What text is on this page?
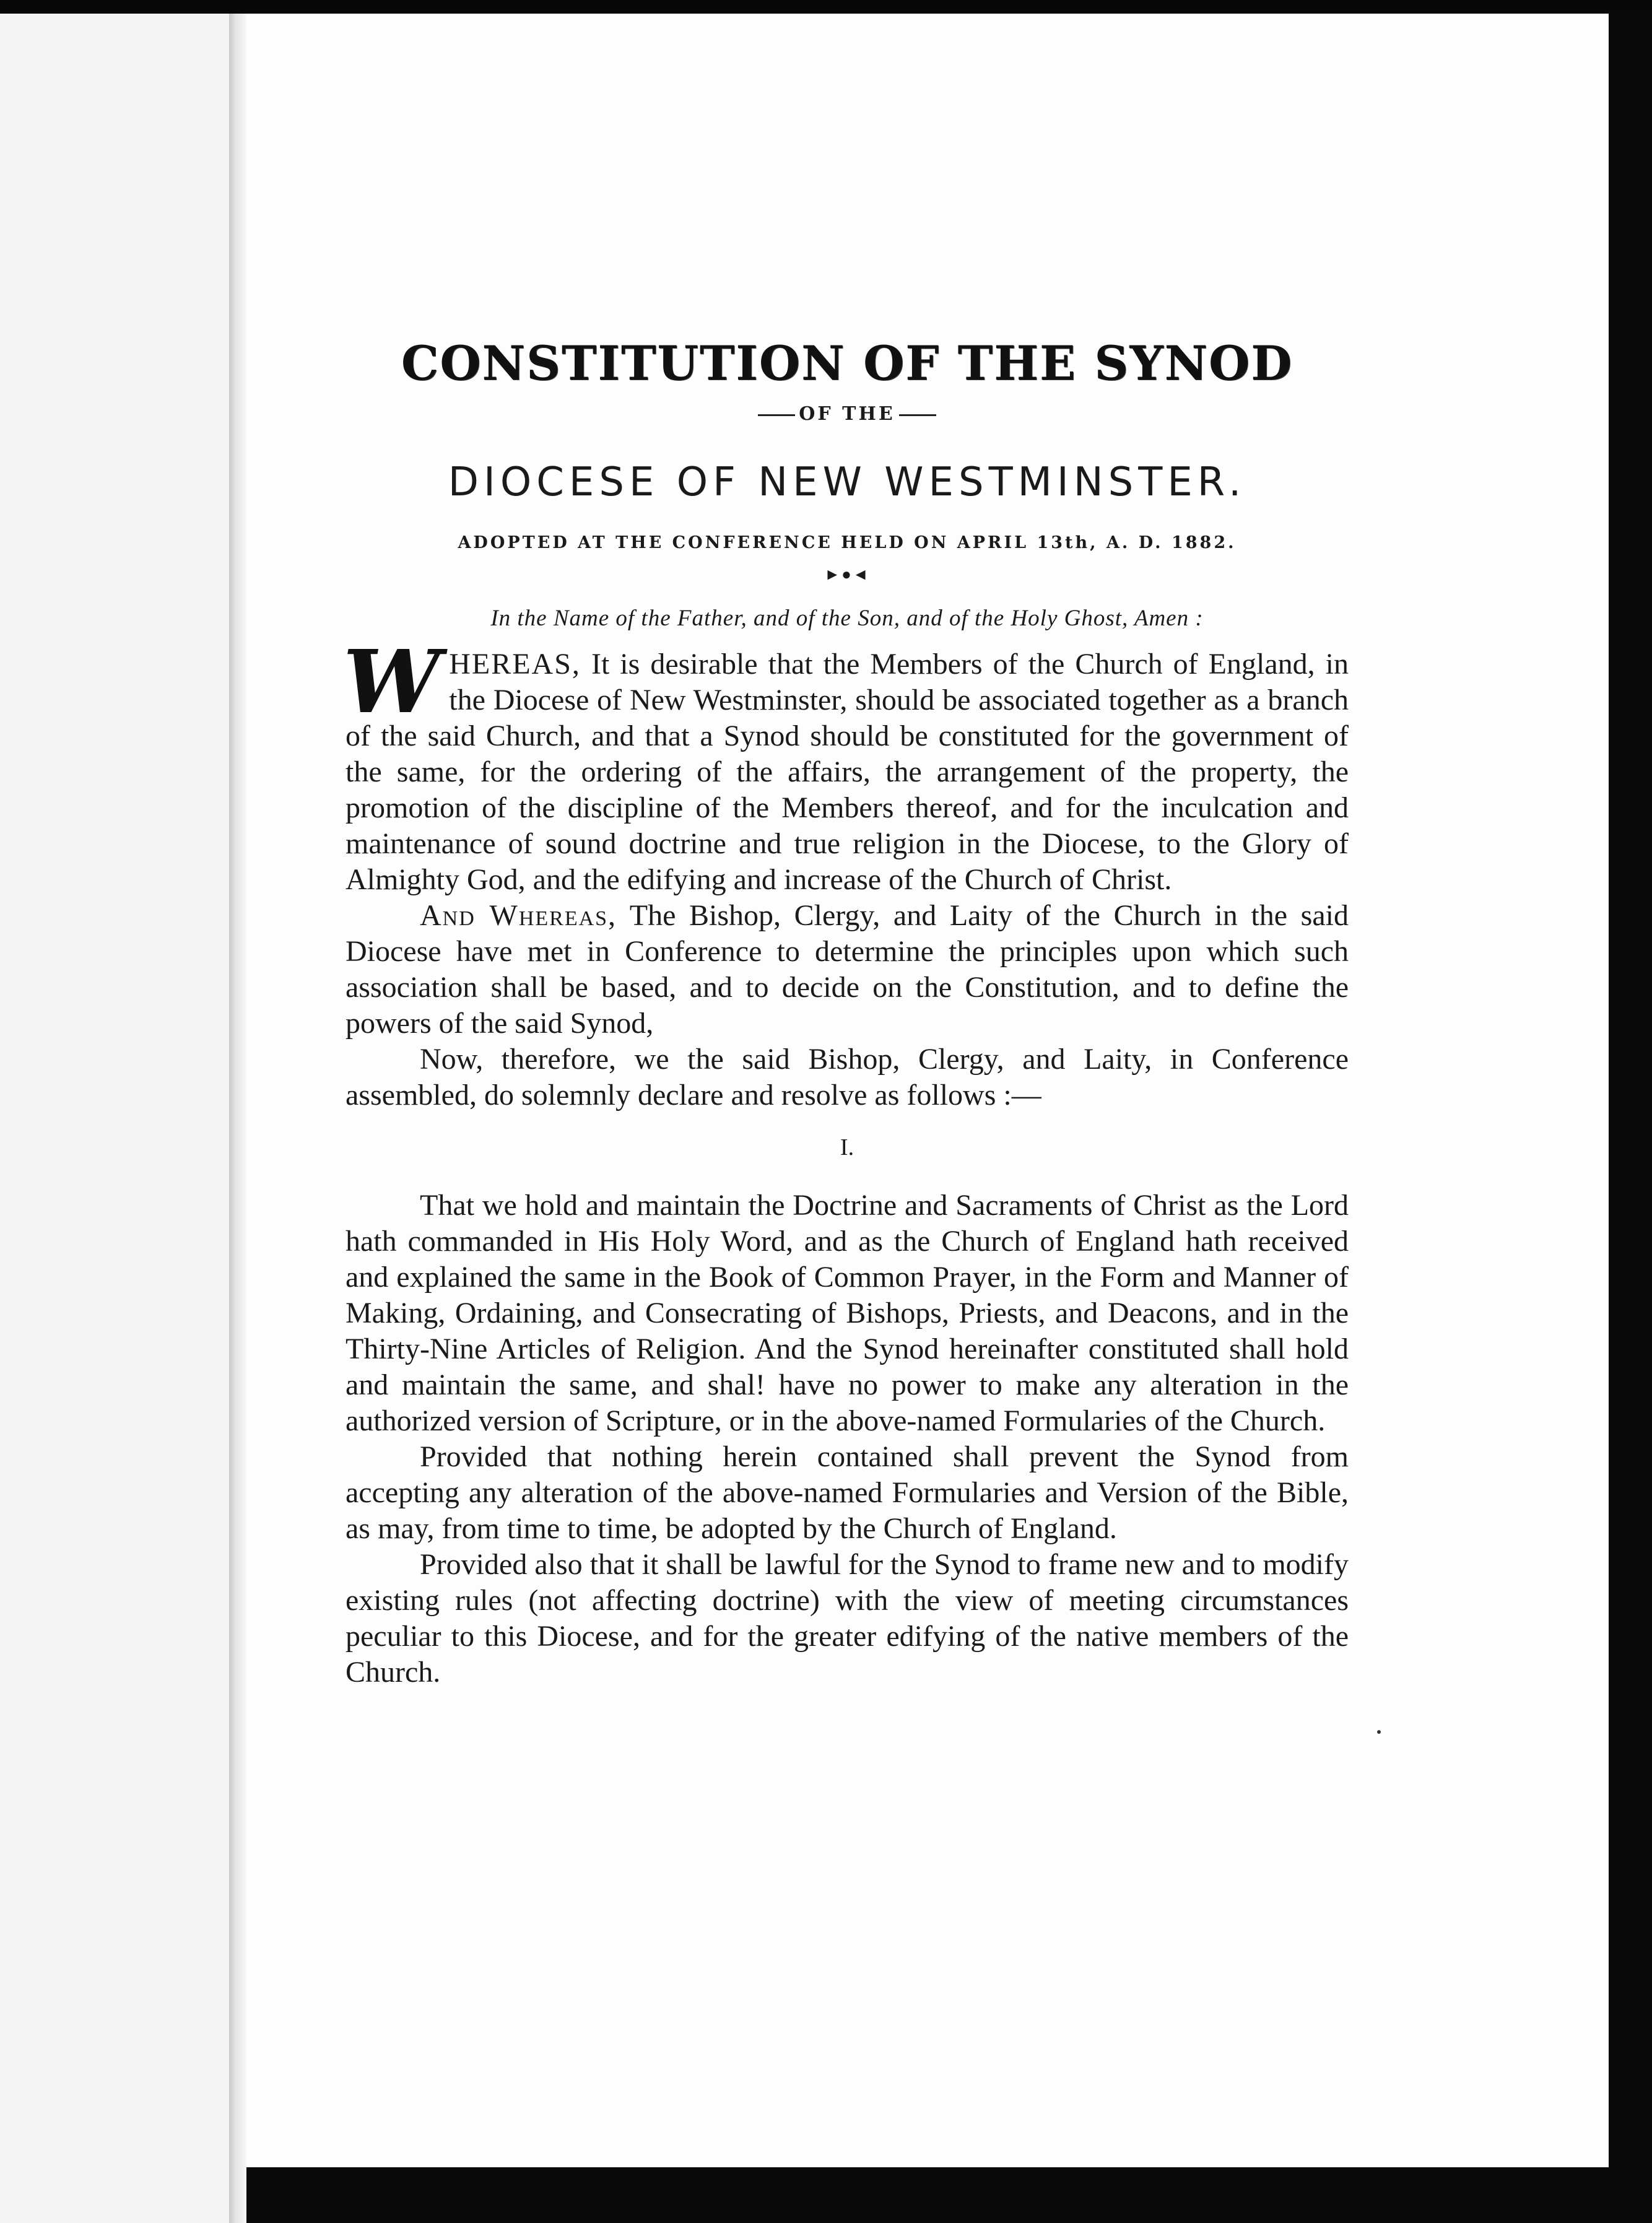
CONSTITUTION OF THE SYNOD

OF THE

DIOCESE OF NEW WESTMINSTER.

ADOPTED AT THE CONFERENCE HELD ON APRIL 13th, A. D. 1882.

►●◄

In the Name of the Father, and of the Son, and of the Holy Ghost, Amen :

WHEREAS, It is desirable that the Members of the Church of England, in the Diocese of New Westminster, should be associated together as a branch of the said Church, and that a Synod should be constituted for the government of the same, for the ordering of the affairs, the arrangement of the property, the promotion of the discipline of the Members thereof, and for the inculcation and maintenance of sound doctrine and true religion in the Diocese, to the Glory of Almighty God, and the edifying and increase of the Church of Christ.

And Whereas, The Bishop, Clergy, and Laity of the Church in the said Diocese have met in Conference to determine the principles upon which such association shall be based, and to decide on the Constitution, and to define the powers of the said Synod,

Now, therefore, we the said Bishop, Clergy, and Laity, in Conference assembled, do solemnly declare and resolve as follows :—

I.

That we hold and maintain the Doctrine and Sacraments of Christ as the Lord hath commanded in His Holy Word, and as the Church of England hath received and explained the same in the Book of Common Prayer, in the Form and Manner of Making, Ordaining, and Consecrating of Bishops, Priests, and Deacons, and in the Thirty-Nine Articles of Religion. And the Synod hereinafter constituted shall hold and maintain the same, and shal! have no power to make any alteration in the authorized version of Scripture, or in the above-named Formularies of the Church.

Provided that nothing herein contained shall prevent the Synod from accepting any alteration of the above-named Formularies and Version of the Bible, as may, from time to time, be adopted by the Church of England.

Provided also that it shall be lawful for the Synod to frame new and to modify existing rules (not affecting doctrine) with the view of meeting circumstances peculiar to this Diocese, and for the greater edifying of the native members of the Church.
